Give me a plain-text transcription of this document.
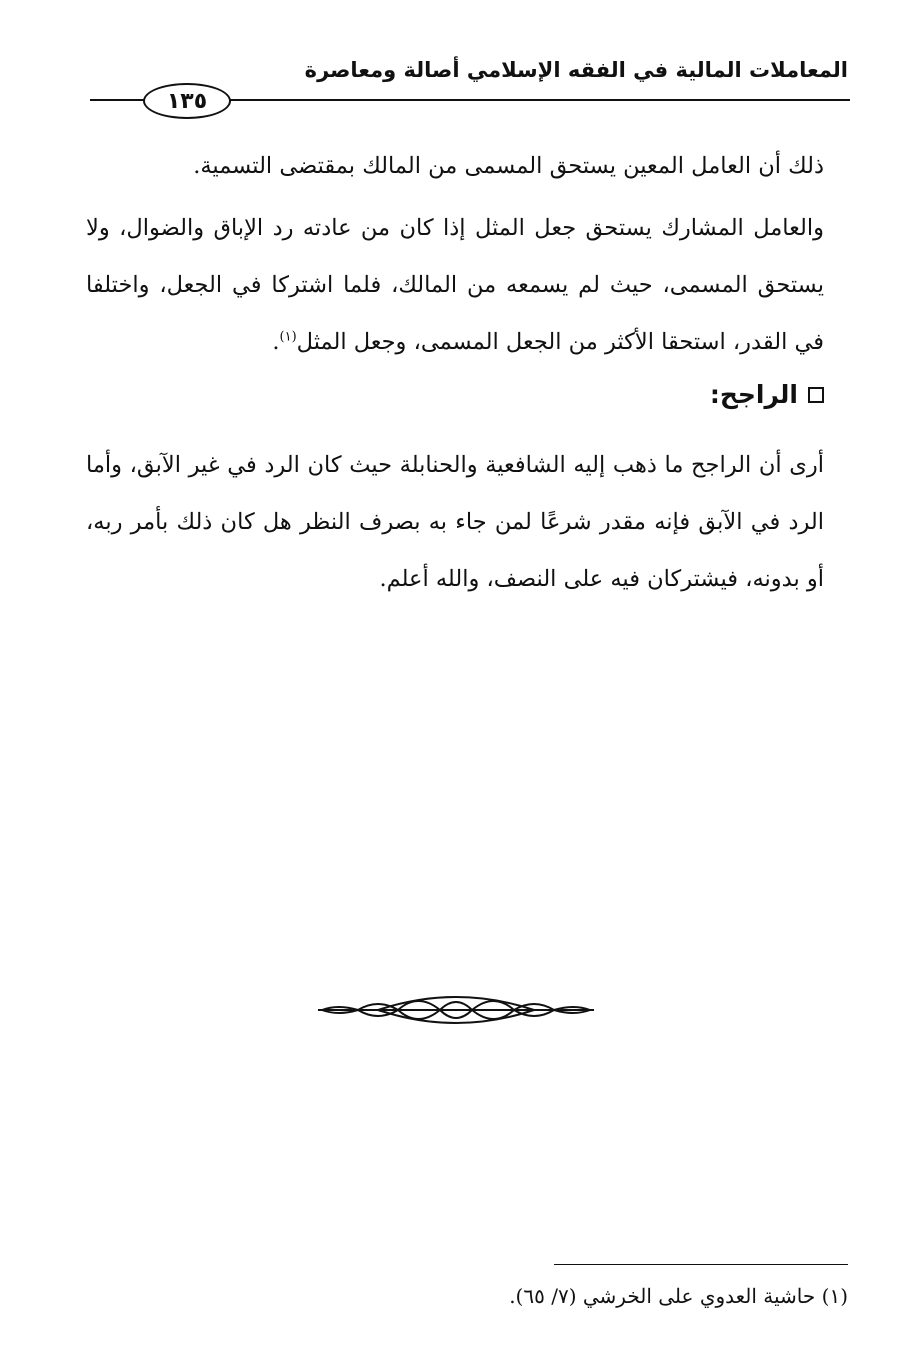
المعاملات المالية في الفقه الإسلامي أصالة ومعاصرة
١٣٥
ذلك أن العامل المعين يستحق المسمى من المالك بمقتضى التسمية.
والعامل المشارك يستحق جعل المثل إذا كان من عادته رد الإباق والضوال، ولا يستحق المسمى، حيث لم يسمعه من المالك، فلما اشتركا في الجعل، واختلفا في القدر، استحقا الأكثر من الجعل المسمى، وجعل المثل$^{(١)}$.
الراجح:
أرى أن الراجح ما ذهب إليه الشافعية والحنابلة حيث كان الرد في غير الآبق، وأما الرد في الآبق فإنه مقدر شرعًا لمن جاء به بصرف النظر هل كان ذلك بأمر ربه، أو بدونه، فيشتركان فيه على النصف، والله أعلم.
(١) حاشية العدوي على الخرشي (٧/ ٦٥).
